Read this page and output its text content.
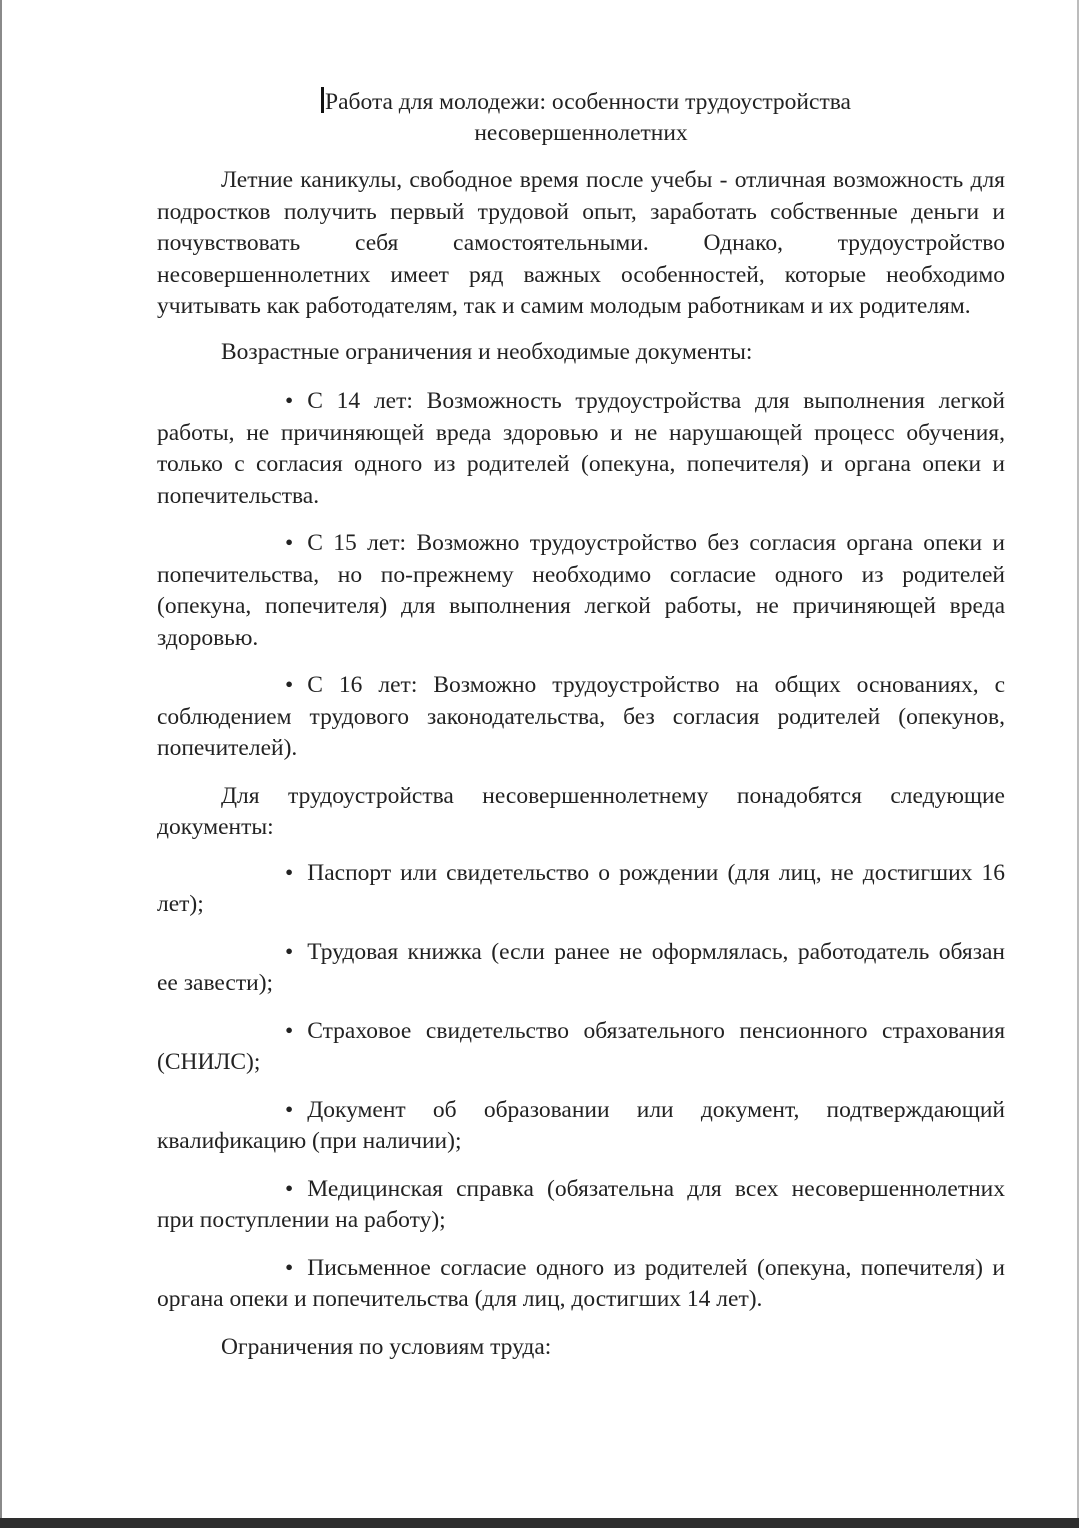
Работа для молодежи: особенности трудоустройства
несовершеннолетних

Летние каникулы, свободное время после учебы - отличная возможность для подростков получить первый трудовой опыт, заработать собственные деньги и почувствовать себя самостоятельными. Однако, трудоустройство несовершеннолетних имеет ряд важных особенностей, которые необходимо учитывать как работодателям, так и самим молодым работникам и их родителям.

Возрастные ограничения и необходимые документы:

• С 14 лет: Возможность трудоустройства для выполнения легкой работы, не причиняющей вреда здоровью и не нарушающей процесс обучения, только с согласия одного из родителей (опекуна, попечителя) и органа опеки и попечительства.

• С 15 лет: Возможно трудоустройство без согласия органа опеки и попечительства, но по-прежнему необходимо согласие одного из родителей (опекуна, попечителя) для выполнения легкой работы, не причиняющей вреда здоровью.

• С 16 лет: Возможно трудоустройство на общих основаниях, с соблюдением трудового законодательства, без согласия родителей (опекунов, попечителей).

Для трудоустройства несовершеннолетнему понадобятся следующие документы:

• Паспорт или свидетельство о рождении (для лиц, не достигших 16 лет);

• Трудовая книжка (если ранее не оформлялась, работодатель обязан ее завести);

• Страховое свидетельство обязательного пенсионного страхования (СНИЛС);

• Документ об образовании или документ, подтверждающий квалификацию (при наличии);

• Медицинская справка (обязательна для всех несовершеннолетних при поступлении на работу);

• Письменное согласие одного из родителей (опекуна, попечителя) и органа опеки и попечительства (для лиц, достигших 14 лет).

Ограничения по условиям труда:
